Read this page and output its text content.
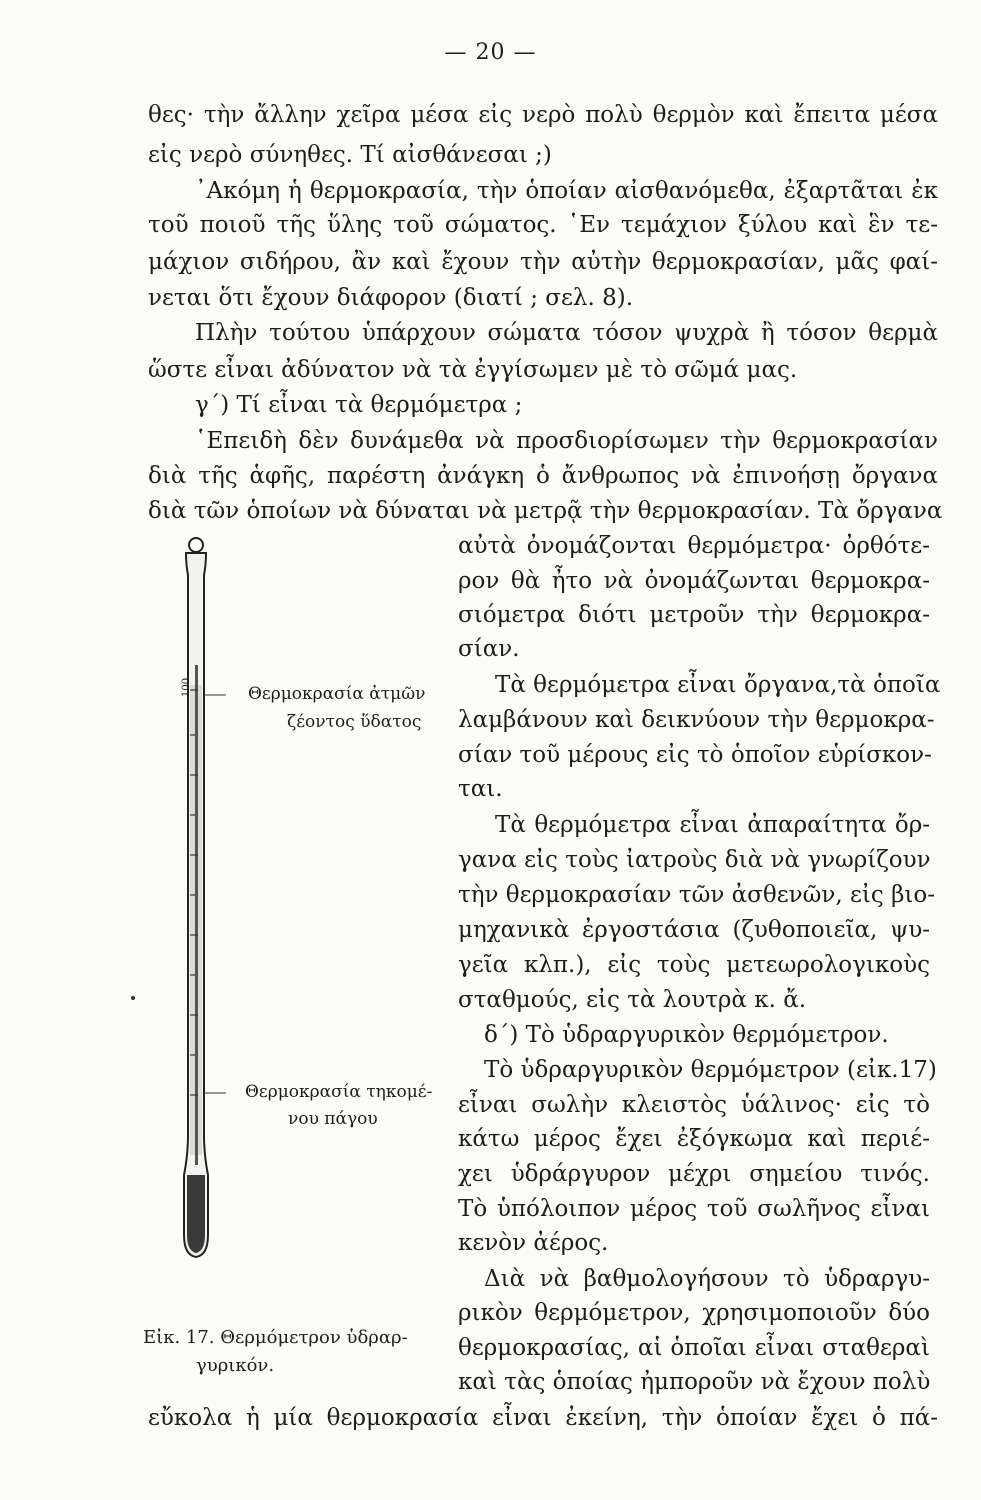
— 20 —
θες· τὴν ἄλλην χεῖρα μέσα εἰς νερὸ πολὺ θερμὸν καὶ ἔπειτα μέσα
εἰς νερὸ σύνηθες. Τί αἰσθάνεσαι ;)
᾿Ακόμη ἡ θερμοκρασία, τὴν ὁποίαν αἰσθανόμεθα, ἐξαρτᾶται ἐκ
τοῦ ποιοῦ τῆς ὕλης τοῦ σώματος. ῾Εν τεμάχιον ξύλου καὶ ἓν τε-
μάχιον σιδήρου, ἂν καὶ ἔχουν τὴν αὐτὴν θερμοκρασίαν, μᾶς φαί-
νεται ὅτι ἔχουν διάφορον (διατί ; σελ. 8).
Πλὴν τούτου ὑπάρχουν σώματα τόσον ψυχρὰ ἢ τόσον θερμὰ
ὥστε εἶναι ἀδύνατον νὰ τὰ ἐγγίσωμεν μὲ τὸ σῶμά μας.
γ΄) Τί εἶναι τὰ θερμόμετρα ;
῾Επειδὴ δὲν δυνάμεθα νὰ προσδιορίσωμεν τὴν θερμοκρασίαν
διὰ τῆς ἁφῆς, παρέστη ἀνάγκη ὁ ἄνθρωπος νὰ ἐπινοήσῃ ὄργανα
διὰ τῶν ὁποίων νὰ δύναται νὰ μετρᾷ τὴν θερμοκρασίαν. Τὰ ὄργανα
αὐτὰ ὀνομάζονται θερμόμετρα· ὀρθότε-
ρον θὰ ἦτο νὰ ὀνομάζωνται θερμοκρα-
σιόμετρα διότι μετροῦν τὴν θερμοκρα-
σίαν.
Τὰ θερμόμετρα εἶναι ὄργανα,τὰ ὁποῖα
λαμβάνουν καὶ δεικνύουν τὴν θερμοκρα-
σίαν τοῦ μέρους εἰς τὸ ὁποῖον εὑρίσκον-
ται.
Τὰ θερμόμετρα εἶναι ἀπαραίτητα ὄρ-
γανα εἰς τοὺς ἰατροὺς διὰ νὰ γνωρίζουν
τὴν θερμοκρασίαν τῶν ἀσθενῶν, εἰς βιο-
μηχανικὰ ἐργοστάσια (ζυθοποιεῖα, ψυ-
γεῖα κλπ.), εἰς τοὺς μετεωρολογικοὺς
σταθμούς, εἰς τὰ λουτρὰ κ. ἄ.
δ΄) Τὸ ὑδραργυρικὸν θερμόμετρον.
Τὸ ὑδραργυρικὸν θερμόμετρον (εἰκ.17)
εἶναι σωλὴν κλειστὸς ὑάλινος· εἰς τὸ
κάτω μέρος ἔχει ἐξόγκωμα καὶ περιέ-
χει ὑδράργυρον μέχρι σημείου τινός.
Τὸ ὑπόλοιπον μέρος τοῦ σωλῆνος εἶναι
κενὸν ἀέρος.
Διὰ νὰ βαθμολογήσουν τὸ ὑδραργυ-
ρικὸν θερμόμετρον, χρησιμοποιοῦν δύο
θερμοκρασίας, αἱ ὁποῖαι εἶναι σταθεραὶ
καὶ τὰς ὁποίας ἠμποροῦν νὰ ἔχουν πολὺ
εὔκολα ἡ μία θερμοκρασία εἶναι ἐκείνη, τὴν ὁποίαν ἔχει ὁ πά-
100	Θερμοκρασία ἀτμῶν
ζέοντος ὕδατος
Θερμοκρασία τηκομέ-
νου πάγου
Εἰκ. 17. Θερμόμετρον ὑδραρ-
γυρικόν.
